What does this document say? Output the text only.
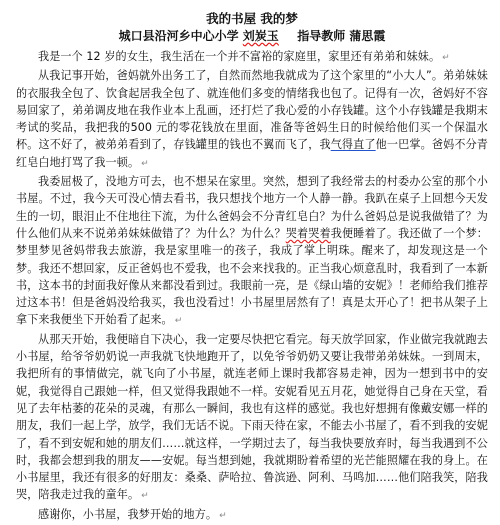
我的书屋 我的梦
城口县沿河乡中心小学 刘炭玉 指导教师 蒲思霞

我是一个 12 岁的女生，我生活在一个并不富裕的家庭里，家里还有弟弟和妹妹。 ↵

从我记事开始，爸妈就外出务工了，自然而然地我就成为了这个家里的“小大人”。弟弟妹妹的衣服我全包了、饮食起居我全包了、就连他们多变的情绪我也包了。记得有一次，爸妈好不容易回家了，弟弟调皮地在我作业本上乱画，还打烂了我心爱的小存钱罐。这个小存钱罐是我期末考试的奖品，我把我的500 元的零花钱放在里面，准备等爸妈生日的时候给他们买一个保温水杯。这不好了，被弟弟看到了，存钱罐里的钱也不翼而飞了，我气得直了他一巴掌。爸妈不分青红皂白地打骂了我一顿。 ↵

我委屈极了，没地方可去，也不想呆在家里。突然，想到了我经常去的村委办公室的那个小书屋。不过，我今天可没心情去看书，我只想找个地方一个人静一静。我趴在桌子上回想今天发生的一切，眼泪止不住地往下流，为什么爸妈会不分青红皂白？为什么爸妈总是说我做错了？为什么他们从来不说弟弟妹妹做错了？为什么？为什么？哭着哭着我便睡着了。我还做了一个梦：梦里梦见爸妈带我去旅游，我是家里唯一的孩子，我成了掌上明珠。醒来了，却发现这是一个梦。我还不想回家，反正爸妈也不爱我，也不会来找我的。正当我心烦意乱时，我看到了一本新书，这本书的封面我好像从来都没看到过。我眼前一亮，是《绿山墙的安妮》！老师给我们推荐过这本书！但是爸妈没给我买，我也没看过！小书屋里居然有了！真是太开心了！把书从架子上拿下来我便坐下开始看了起来。 ↵

从那天开始，我便暗自下决心，我一定要尽快把它看完。每天放学回家，作业做完我就跑去小书屋，给爷爷奶奶说一声我就飞快地跑开了，以免爷爷奶奶又要让我带弟弟妹妹。一到周末，我把所有的事情做完，就飞向了小书屋，就连老师上课时我都容易走神，因为一想到书中的安妮，我觉得自己跟她一样，但又觉得我跟她不一样。安妮看见五月花，她觉得自己身在天堂，看见了去年枯萎的花朵的灵魂，有那么一瞬间，我也有这样的感觉。我也好想拥有像戴安娜一样的朋友，我们一起上学，放学，我们无话不说。下雨天待在家，不能去小书屋了，看不到我的安妮了，看不到安妮和她的朋友们……就这样，一学期过去了，每当我快要放弃时，每当我遇到不公时，我都会想到我的朋友——安妮。每当想到她，我就期盼着希望的光芒能照耀在我的身上。在小书屋里，我还有很多的好朋友：桑桑、萨哈拉、鲁滨逊、阿利、马鸣加……他们陪我笑，陪我哭，陪我走过我的童年。 ↵

感谢你，小书屋，我梦开始的地方。 ↵
